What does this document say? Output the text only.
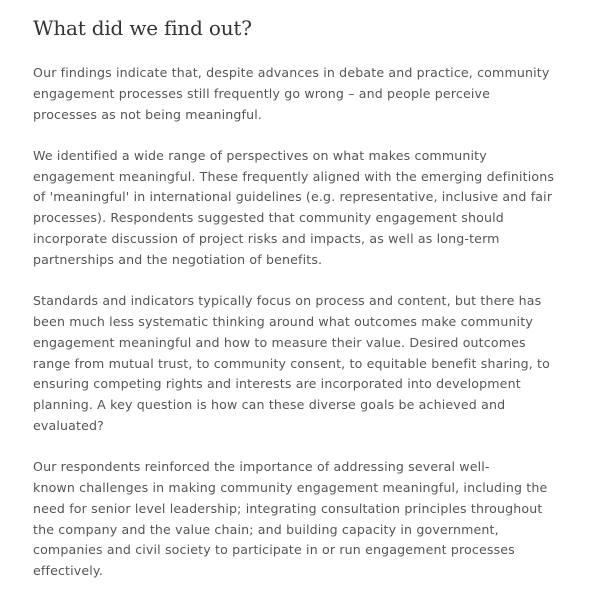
What did we find out?

Our findings indicate that, despite advances in debate and practice, community
engagement processes still frequently go wrong – and people perceive
processes as not being meaningful.

We identified a wide range of perspectives on what makes community
engagement meaningful. These frequently aligned with the emerging definitions
of 'meaningful' in international guidelines (e.g. representative, inclusive and fair
processes). Respondents suggested that community engagement should
incorporate discussion of project risks and impacts, as well as long-term
partnerships and the negotiation of benefits.

Standards and indicators typically focus on process and content, but there has
been much less systematic thinking around what outcomes make community
engagement meaningful and how to measure their value. Desired outcomes
range from mutual trust, to community consent, to equitable benefit sharing, to
ensuring competing rights and interests are incorporated into development
planning. A key question is how can these diverse goals be achieved and
evaluated?

Our respondents reinforced the importance of addressing several well-
known challenges in making community engagement meaningful, including the
need for senior level leadership; integrating consultation principles throughout
the company and the value chain; and building capacity in government,
companies and civil society to participate in or run engagement processes
effectively.
